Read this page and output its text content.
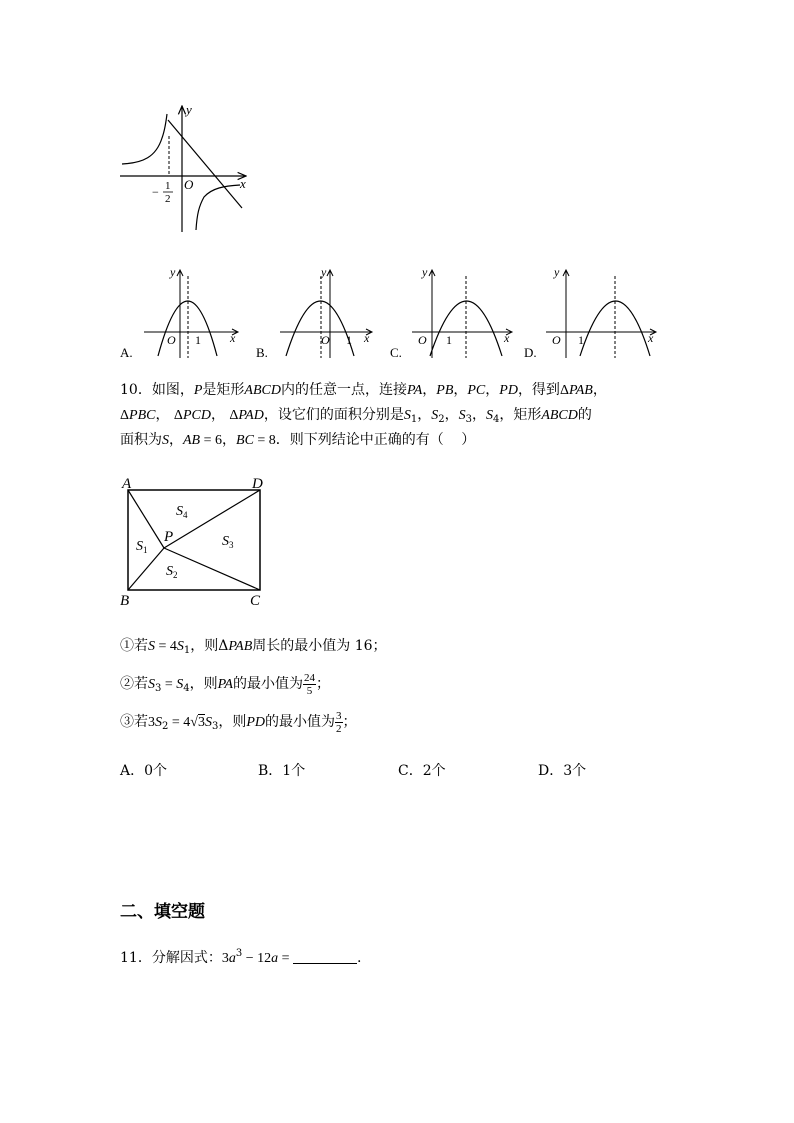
y
x
O
− 1
2
A.
y
x
O 1
B.
y
x
O 1
C.
y
x
O 1
D.
y
x
O 1
10．如图，P是矩形ABCD内的任意一点，连接PA，PB，PC，PD，得到ΔPAB，
ΔPBC， ΔPCD， ΔPAD，设它们的面积分别是$S_1$，$S_2$，$S_3$，$S_4$，矩形ABCD的
面积为S，AB = 6，BC = 8．则下列结论中正确的有（　 ）
A	D
B	C
P
$S_1$
$S_2$
$S_3$
$S_4$
①若$S = 4S_1$，则ΔPAB周长的最小值为 16；
②若$S_3 = S_4$，则PA的最小值为 $\frac{24}{5}$ ；
③若$3S_2 = 4√3S_3$，则PD的最小值为 $\frac{3}{2}$ ；
A．0个	B．1个	C．2个	D．3个
二、填空题
11．分解因式：$3a^3 - 12a$ =	.
